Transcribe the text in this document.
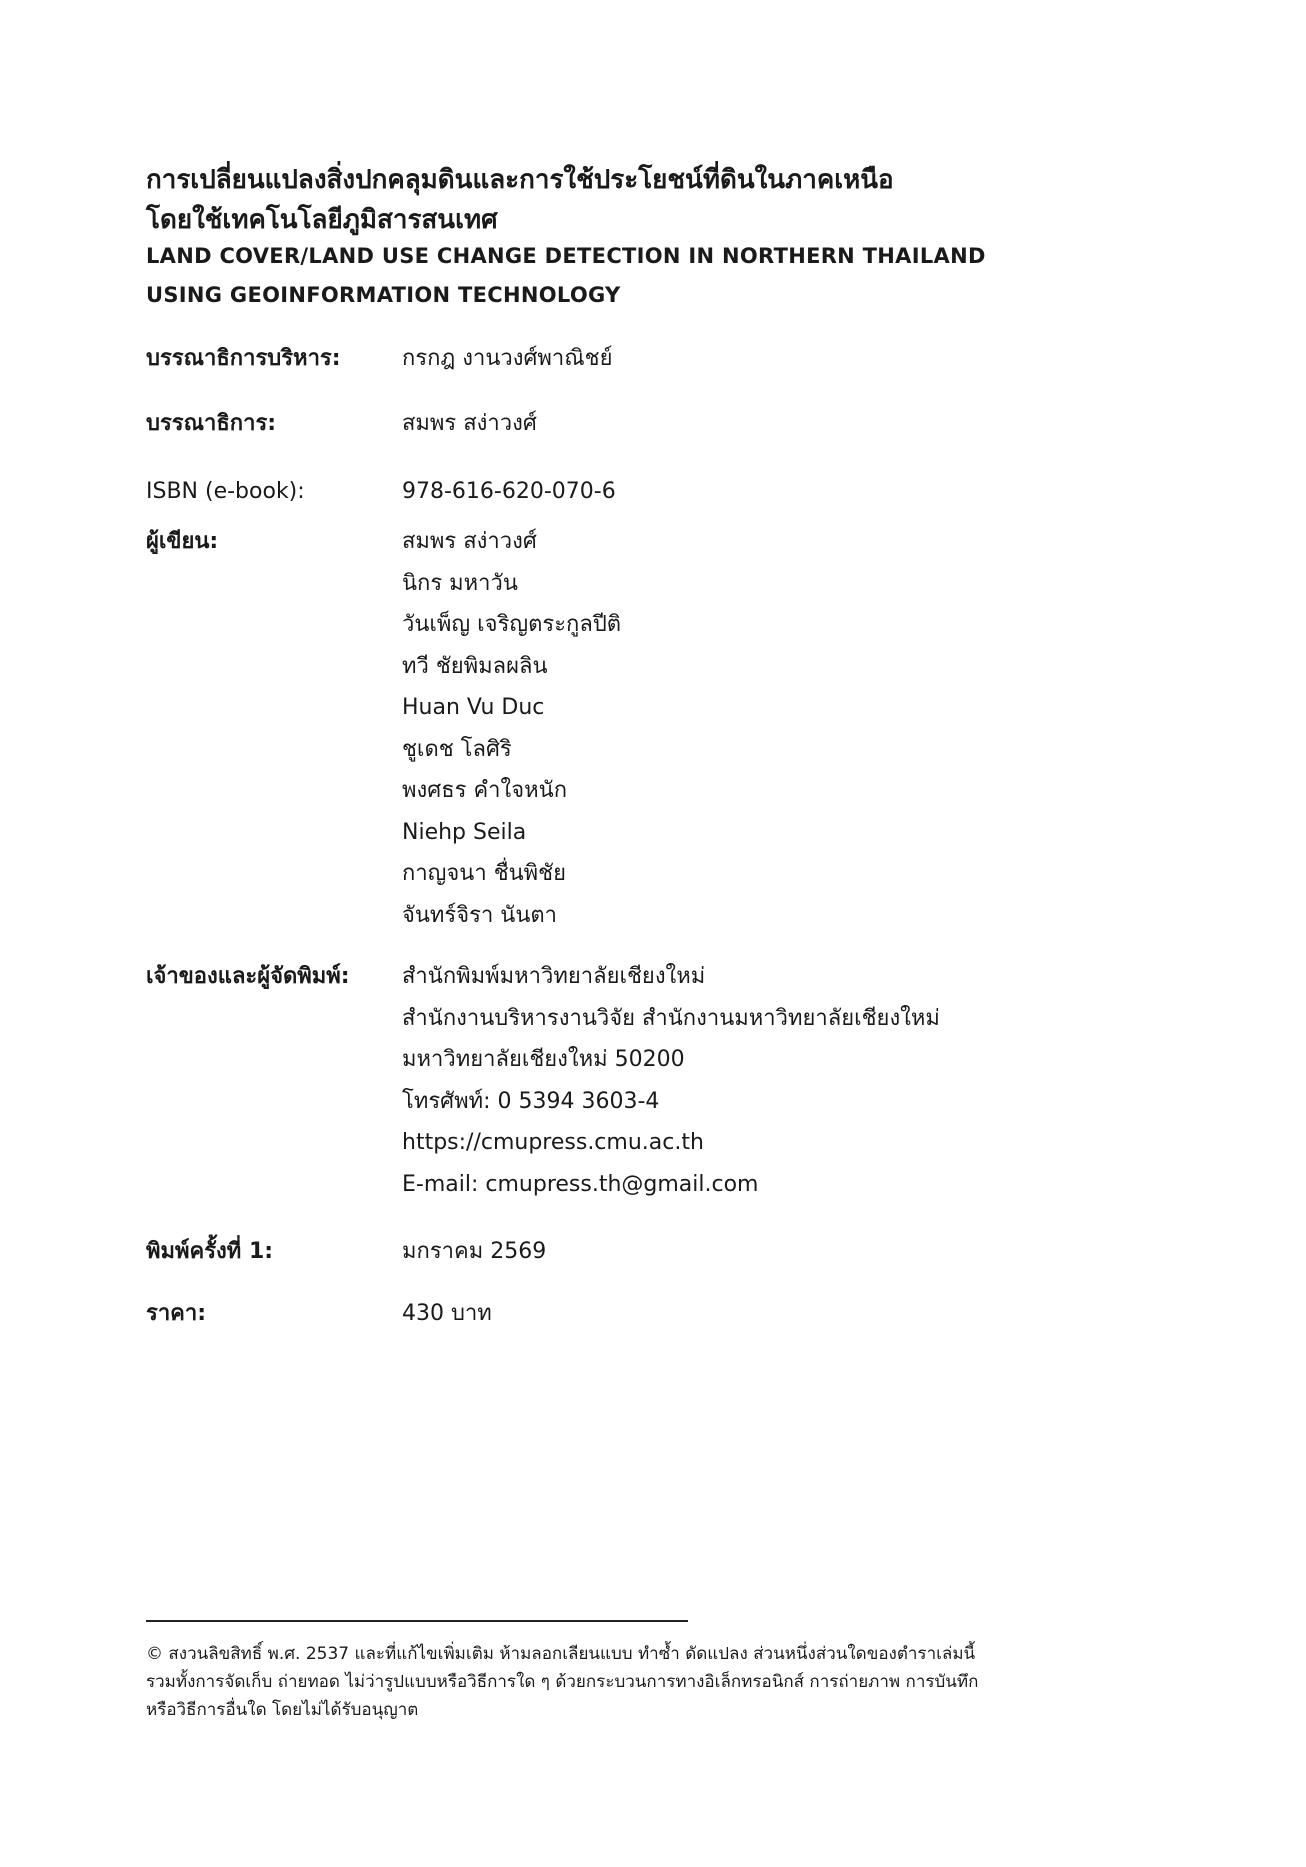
การเปลี่ยนแปลงสิ่งปกคลุมดินและการใช้ประโยชน์ที่ดินในภาคเหนือ
โดยใช้เทคโนโลยีภูมิสารสนเทศ
LAND COVER/LAND USE CHANGE DETECTION IN NORTHERN THAILAND
USING GEOINFORMATION TECHNOLOGY
บรรณาธิการบริหาร:	กรกฎ งานวงศ์พาณิชย์
บรรณาธิการ:	สมพร สง่าวงศ์
ISBN (e-book):	978-616-620-070-6
ผู้เขียน:	สมพร สง่าวงศ์
นิกร มหาวัน
วันเพ็ญ เจริญตระกูลปีติ
ทวี ชัยพิมลผลิน
Huan Vu Duc
ชูเดช โลศิริ
พงศธร คำใจหนัก
Niehp Seila
กาญจนา ชื่นพิชัย
จันทร์จิรา นันตา
เจ้าของและผู้จัดพิมพ์: สำนักพิมพ์มหาวิทยาลัยเชียงใหม่
สำนักงานบริหารงานวิจัย สำนักงานมหาวิทยาลัยเชียงใหม่
มหาวิทยาลัยเชียงใหม่ 50200
โทรศัพท์: 0 5394 3603-4
https://cmupress.cmu.ac.th
E-mail: cmupress.th@gmail.com
พิมพ์ครั้งที่ 1:	มกราคม 2569
ราคา:	430 บาท
© สงวนลิขสิทธิ์ พ.ศ. 2537 และที่แก้ไขเพิ่มเติม ห้ามลอกเลียนแบบ ทำซ้ำ ดัดแปลง ส่วนหนึ่งส่วนใดของตำราเล่มนี้
รวมทั้งการจัดเก็บ ถ่ายทอด ไม่ว่ารูปแบบหรือวิธีการใด ๆ ด้วยกระบวนการทางอิเล็กทรอนิกส์ การถ่ายภาพ การบันทึก
หรือวิธีการอื่นใด โดยไม่ได้รับอนุญาต
